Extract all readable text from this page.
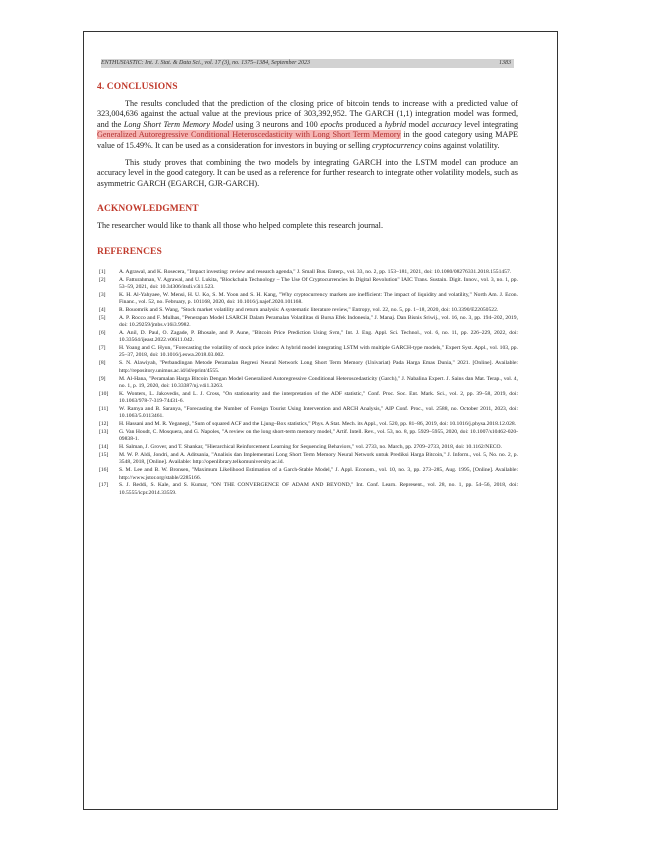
ENTHUSIASTIC: Int. J. Stat. & Data Sci., vol. 17 (3), no. 1375–1384, September 2023	1383
4. CONCLUSIONS

The results concluded that the prediction of the closing price of bitcoin tends to increase with a predicted value of 323,004,636 against the actual value at the previous price of 303,392,952. The GARCH (1,1) integration model was formed, and the Long Short Term Memory Model using 3 neurons and 100 epochs produced a hybrid model accuracy level integrating Generalized Autoregressive Conditional Heteroscedasticity with Long Short Term Memory in the good category using MAPE value of 15.49%. It can be used as a consideration for investors in buying or selling cryptocurrency coins against volatility.

This study proves that combining the two models by integrating GARCH into the LSTM model can produce an accuracy level in the good category. It can be used as a reference for further research to integrate other volatility models, such as asymmetric GARCH (EGARCH, GJR-GARCH).

ACKNOWLEDGMENT

The researcher would like to thank all those who helped complete this research journal.

REFERENCES
[1]	A. Agrawal, and K. Rosecera, "Impact investing: review and research agenda," J. Small Bus. Enterp., vol. 33, no. 2, pp. 153–181, 2021, doi: 10.1080/08276331.2018.1551457.
[2]	A. Fatturahman, V. Agrawal, and U. Lukita, "Blockchain Technology – The Use Of Cryptocurrencies In Digital Revolution" IAIC Trans. Sustain. Digit. Innov., vol. 3, no. 1, pp. 53–59, 2021, doi: 10.34306/itsdi.v3i1.523.
[3]	K. H. Al-Yahyaee, W. Mensi, H. U. Ko, S. M. Yoon and S. H. Kang, "Why cryptocurrency markets are inefficient: The impact of liquidity and volatility," North Am. J. Econ. Financ., vol. 52, no. February, p. 101168, 2020, doi: 10.1016/j.najef.2020.101168.
[4]	R. Bouomrik and S. Wang, "Stock market volatility and return analysis: A systematic literature review," Entropy, vol. 22, no. 5, pp. 1–18, 2020, doi: 10.3390/E22050522.
[5]	A. P. Rocco and F. Mulhas, "Penerapan Model LSARCH Dalam Peramalan Volatilitas di Bursa Efek Indonesia," J. Manaj. Dan Bisnis Sriwij., vol. 16, no. 3, pp. 194–202, 2019, doi: 10.29259/jmbs.v16i3.9982.
[6]	A. Anil, D. Paul, O. Zagade, P. Bhosale, and P. Aune, "Bitcoin Price Prediction Using Svm," Int. J. Eng. Appl. Sci. Technol., vol. 6, no. 11, pp. 226–229, 2022, doi: 10.33564/ijeast.2022.v06i11.042.
[7]	H. Yoang and C. Hyun, "Forecasting the volatility of stock price index: A hybrid model integrating LSTM with multiple GARCH-type models," Expert Syst. Appl., vol. 103, pp. 25–37, 2018, doi: 10.1016/j.eswa.2018.03.002.
[8]	S. N. Alawiyah, "Perbandingan Metode Peramalan Regresi Neural Network Long Short Term Memory (Univariat) Pada Harga Emas Dunia," 2021. [Online]. Available: http://repository.unimus.ac.id/id/eprint/4555.
[9]	M. Al-Hana, "Peramalan Harga Bitcoin Dengan Model Generalized Autoregressive Conditional Heteroscedasticity (Garch)," J. Nabalina Expert. J. Sains dan Mat. Terap., vol. 4, no. 1, p. 19, 2020, doi: 10.33387/nj.v4i1.3263.
[10]	K. Wonters, L. Jakovedis, and L. J. Cross, "On stationarity and the interpretation of the ADF statistic," Conf. Proc. Soc. Ent. Mark. Sci., vol. 2, pp. 39–58, 2019, doi: 10.1063/978-7-319-74431-6.
[11]	W. Ramya and B. Saranya, "Forecasting the Number of Foreign Tourist Using Intervention and ARCH Analysis," AIP Conf. Proc., vol. 2588, no. October 2011, 2023, doi: 10.1063/5.0113461.
[12]	H. Hassani and M. R. Yeganegi, "Sum of squared ACF and the Ljung–Box statistics," Phys. A Stat. Mech. its Appl., vol. 520, pp. 81–86, 2019, doi: 10.1016/j.physa.2018.12.028.
[13]	G. Van Houdt, C. Mosquera, and G. Napoles, "A review on the long short-term memory model," Artif. Intell. Rev., vol. 53, no. 8, pp. 5929–5955, 2020, doi: 10.1007/s10462-020-09838-1.
[14]	H. Salman, J. Grover, and T. Shankar, "Hierarchical Reinforcement Learning for Sequencing Behaviors," vol. 2733, no. March, pp. 2709–2733, 2018, doi: 10.1162/NECO.
[15]	M. W. P. Aldi, Jondri, and A. Aditsania, "Analisis dan Implementasi Long Short Term Memory Neural Network untuk Prediksi Harga Bitcoin," J. Inform., vol. 5, No. no. 2, p. 3548, 2018, [Online]. Available: http://openlibrary.telkomuniversity.ac.id.
[16]	S. M. Lee and B. W. Bronsen, "Maximum Likelihood Estimation of a Garch-Stable Model," J. Appl. Econom., vol. 10, no. 3, pp. 273–285, Aug. 1995, [Online]. Available: http://www.jstor.org/stable/2285166.
[17]	S. J. Reddi, S. Kale, and S. Kumar, "ON THE CONVERGENCE OF ADAM AND BEYOND," Int. Conf. Learn. Represent., vol. 28, no. 1, pp. 54–56, 2018, doi: 10.5555/icpr.2014.33559.
